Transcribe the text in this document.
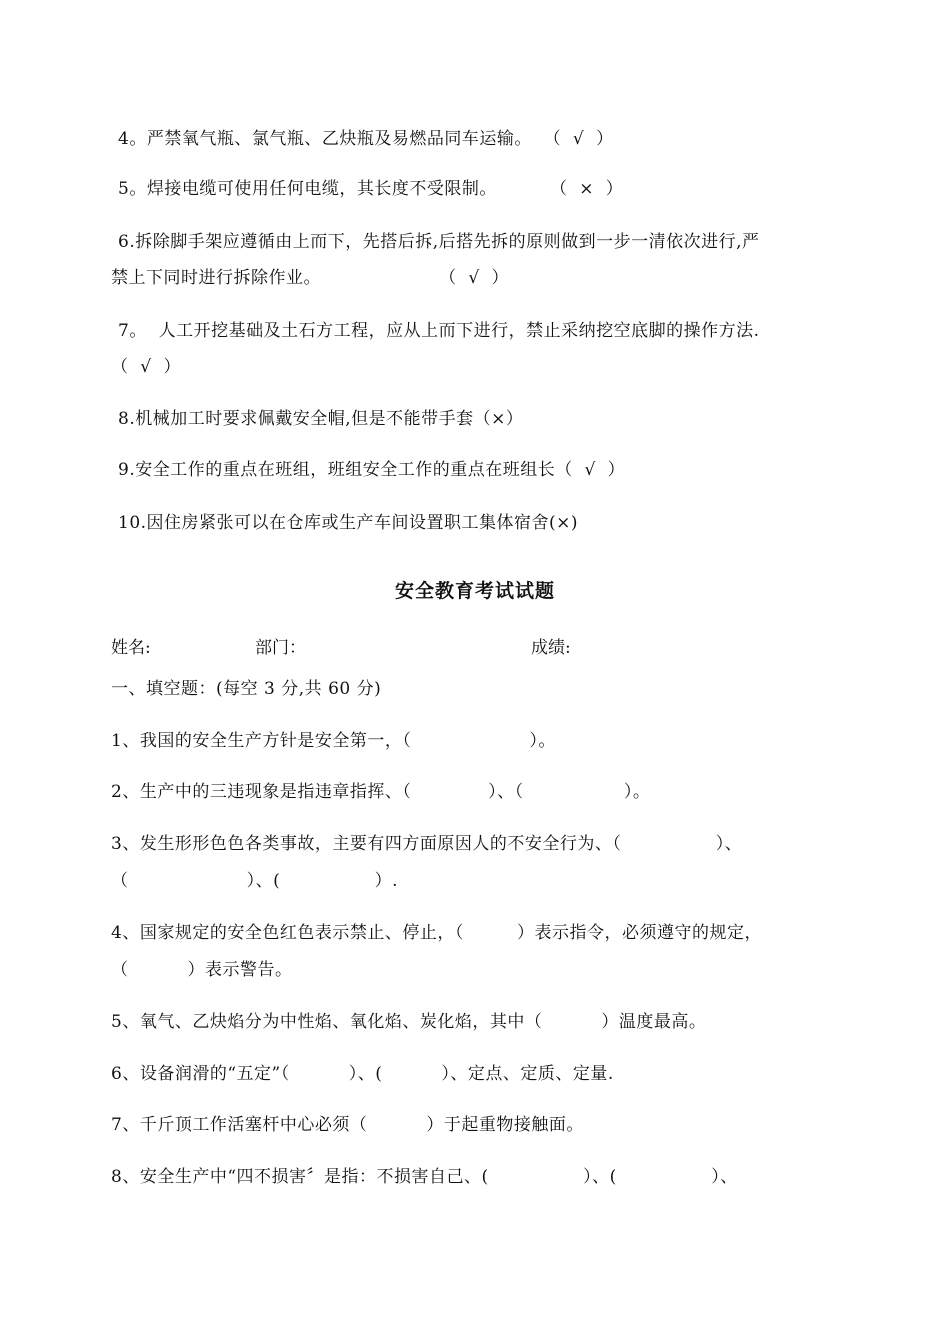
4。严禁氧气瓶、氯气瓶、乙炔瓶及易燃品同车运输。  （  √  ）
5。焊接电缆可使用任何电缆，其长度不受限制。         （  ×  ）
6.拆除脚手架应遵循由上而下，先搭后拆,后搭先拆的原则做到一步一清依次进行,严
禁上下同时进行拆除作业。                    （  √  ）
7。  人工开挖基础及土石方工程，应从上而下进行，禁止采纳挖空底脚的操作方法.
（  √  ）
8.机械加工时要求佩戴安全帽,但是不能带手套（×）
9.安全工作的重点在班组，班组安全工作的重点在班组长（  √  ）
10.因住房紧张可以在仓库或生产车间设置职工集体宿舍(×)
安全教育考试试题
姓名:	部门：	成绩:
一、填空题：(每空 3 分,共 60 分)
1、我国的安全生产方针是安全第一，（                    ）。
2、生产中的三违现象是指违章指挥、（             ）、（                 ）。
3、发生形形色色各类事故，主要有四方面原因人的不安全行为、（                ）、
（                    ）、(                ）.
4、国家规定的安全色红色表示禁止、停止，（         ）表示指令，必须遵守的规定，
（          ）表示警告。
5、氧气、乙炔焰分为中性焰、氧化焰、炭化焰，其中（          ）温度最高。
6、设备润滑的“五定”（          ）、(          ）、定点、定质、定量.
7、千斤顶工作活塞杆中心必须（          ）于起重物接触面。
8、安全生产中“四不损害〞是指：不损害自己、(                ）、(                ）、
